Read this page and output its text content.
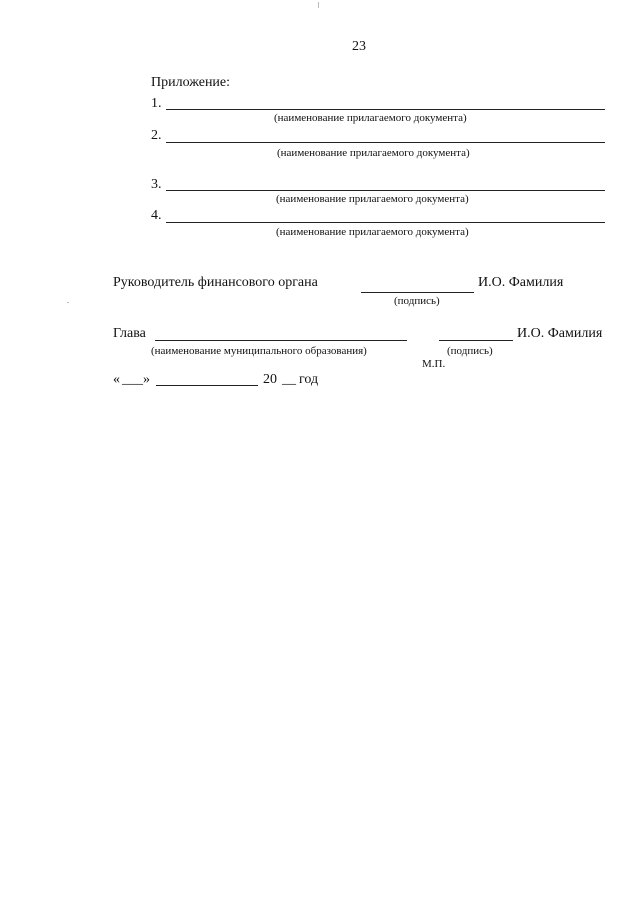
23
Приложение:
1.
(наименование прилагаемого документа)
2.
(наименование прилагаемого документа)
3.
(наименование прилагаемого документа)
4.
(наименование прилагаемого документа)
Руководитель финансового органа	И.О. Фамилия
(подпись)
Глава
(наименование муниципального образования)
И.О. Фамилия
(подпись)
М.П.
« ___ »	20 __ год
